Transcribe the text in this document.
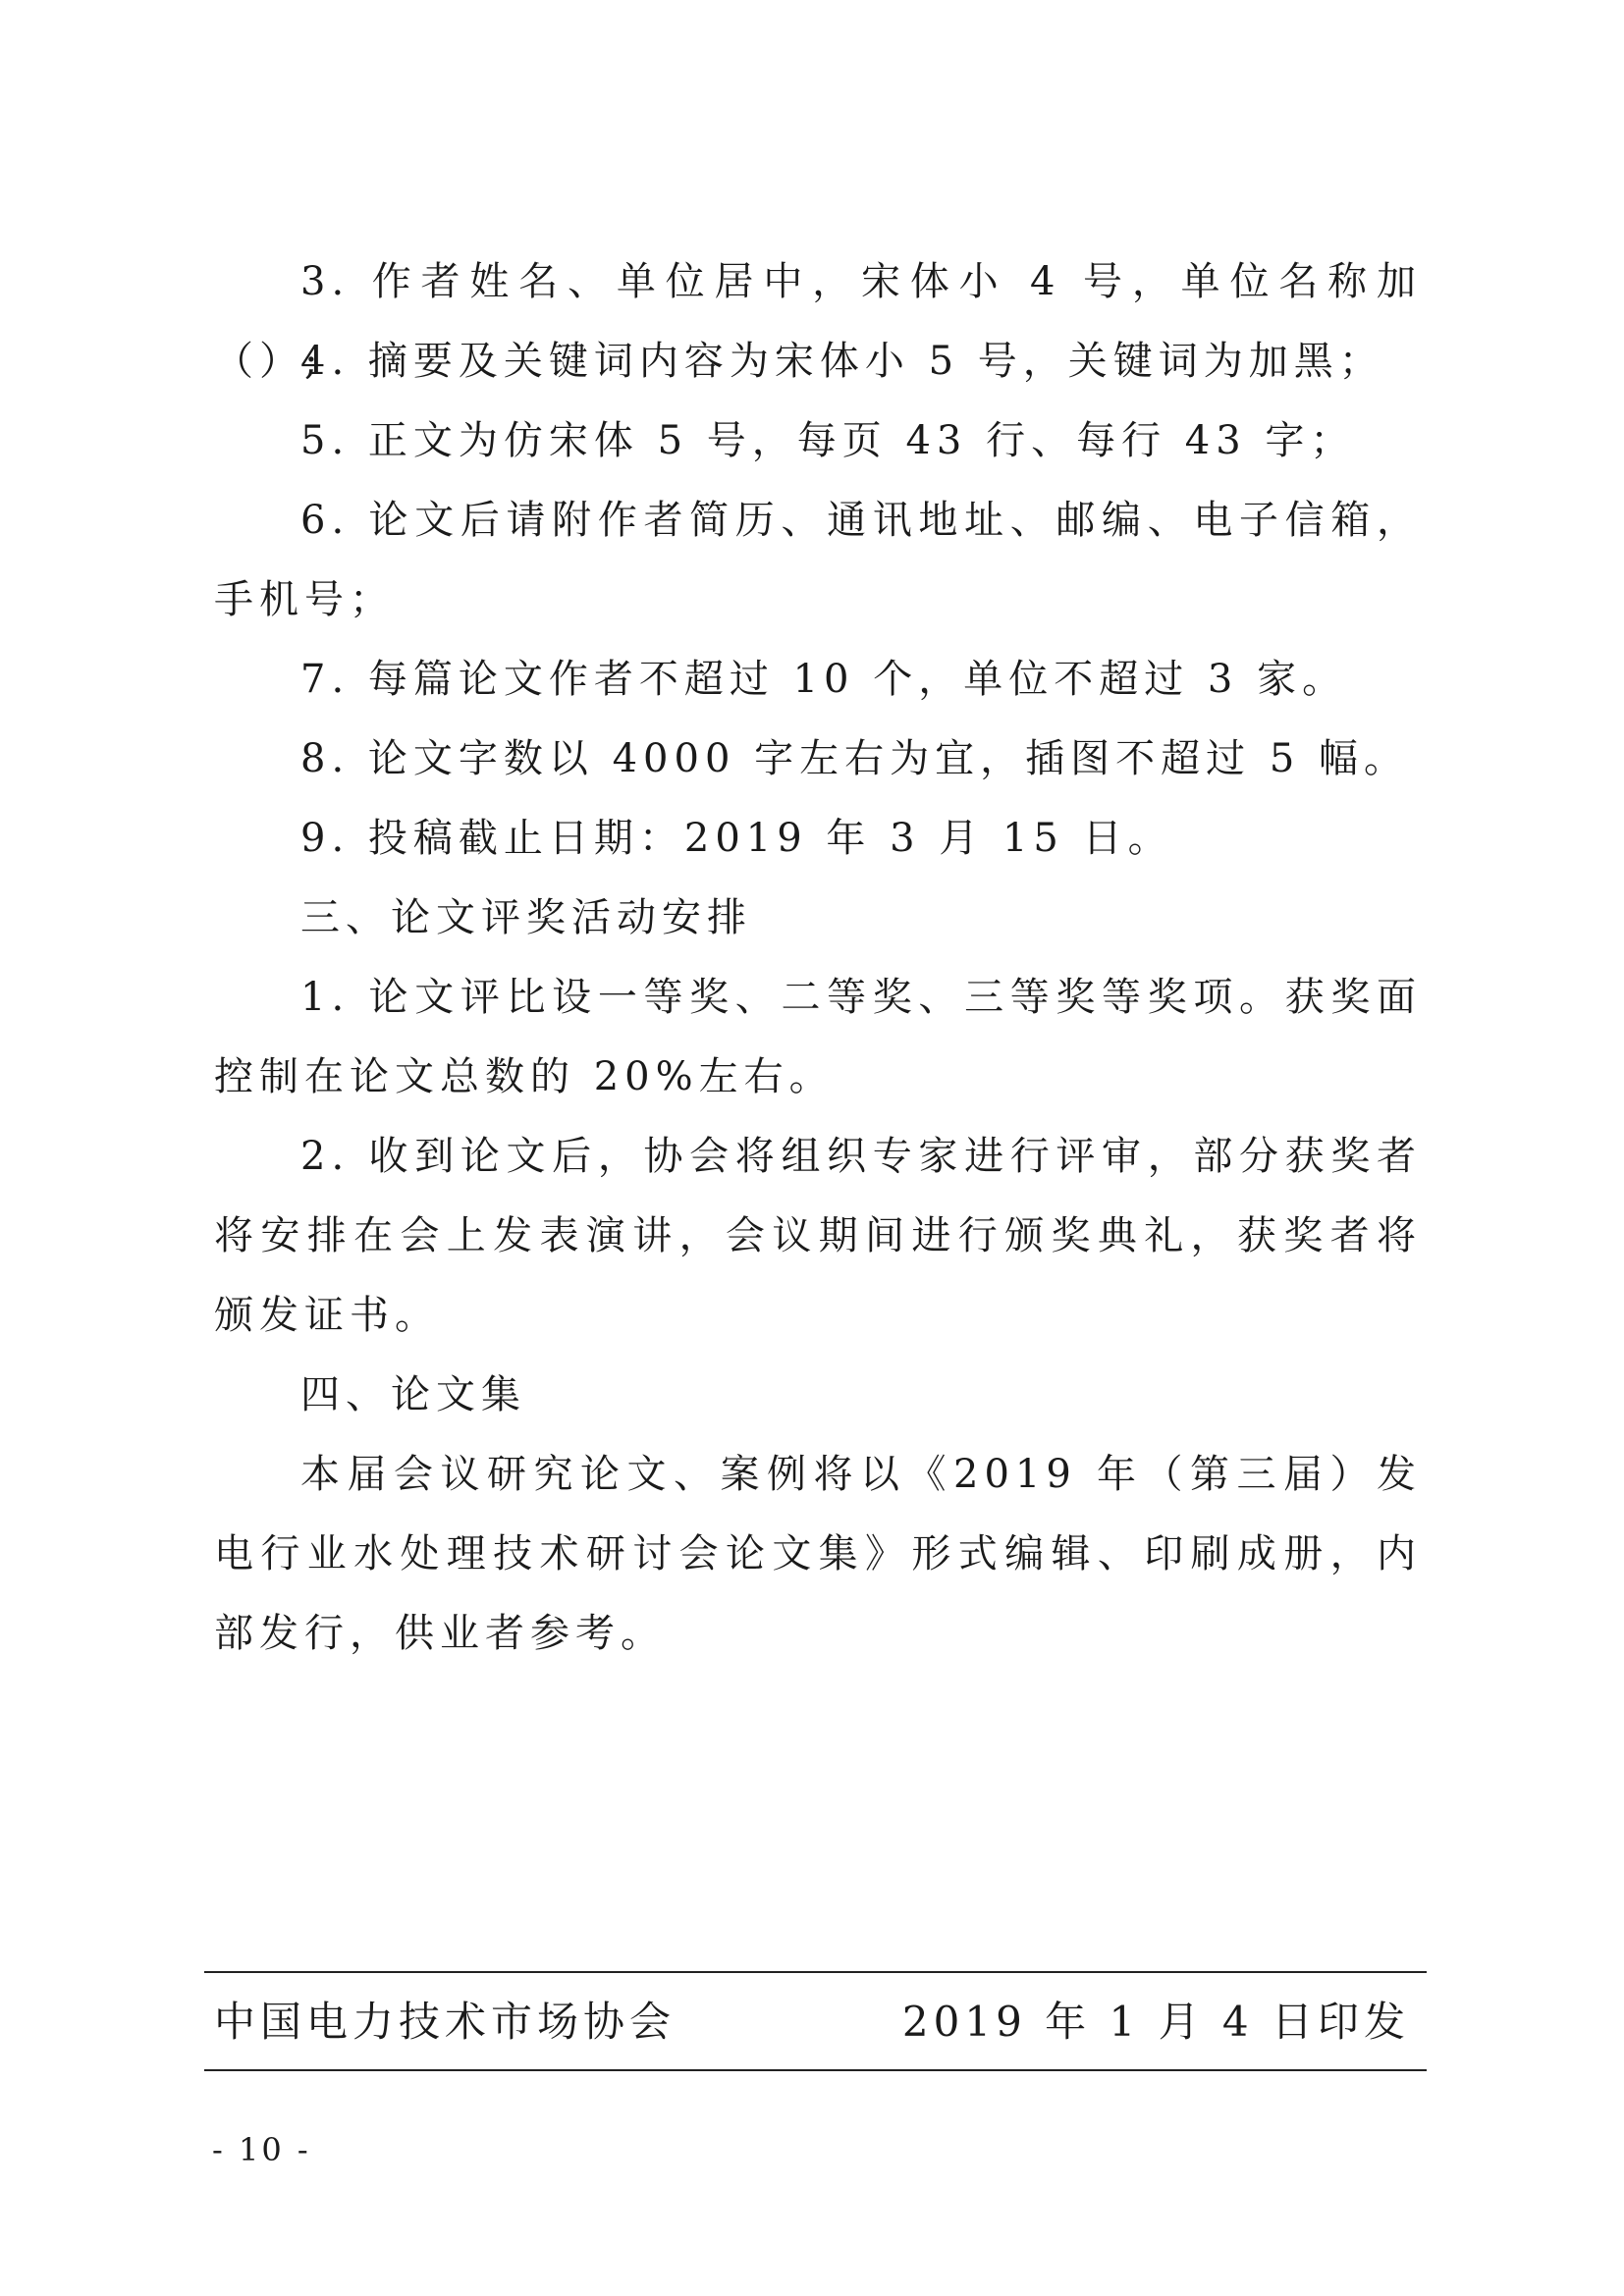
3. 作者姓名、单位居中，宋体小 4 号，单位名称加（）;

4. 摘要及关键词内容为宋体小 5 号，关键词为加黑；

5. 正文为仿宋体 5 号，每页 43 行、每行 43 字；

6. 论文后请附作者简历、通讯地址、邮编、电子信箱，手机号；

7. 每篇论文作者不超过 10 个，单位不超过 3 家。

8. 论文字数以 4000 字左右为宜，插图不超过 5 幅。

9. 投稿截止日期：2019 年 3 月 15 日。

三、论文评奖活动安排

1. 论文评比设一等奖、二等奖、三等奖等奖项。获奖面控制在论文总数的 20%左右。

2. 收到论文后，协会将组织专家进行评审，部分获奖者将安排在会上发表演讲，会议期间进行颁奖典礼，获奖者将颁发证书。

四、论文集

本届会议研究论文、案例将以《2019 年（第三届）发电行业水处理技术研讨会论文集》形式编辑、印刷成册，内部发行，供业者参考。

中国电力技术市场协会	2019 年 1 月 4 日印发
- 10 -
